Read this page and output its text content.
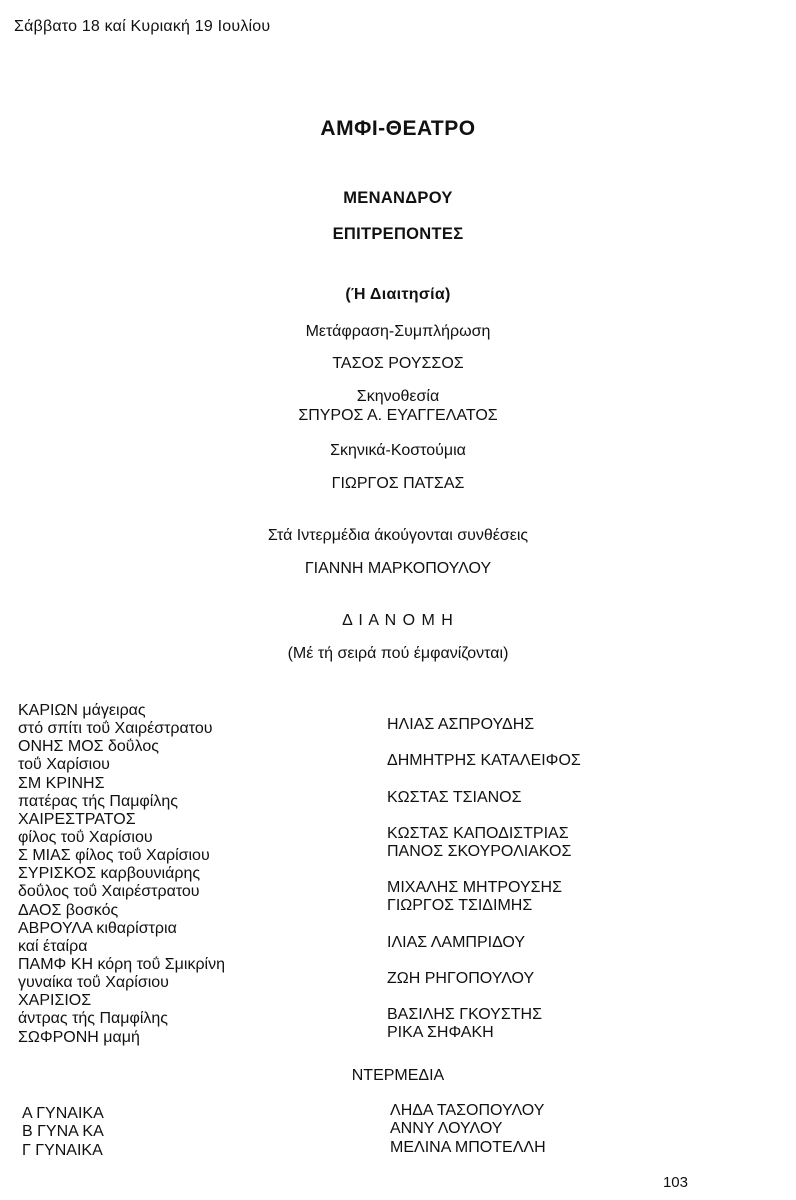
Σάββατο 18 καί Κυριακή 19 Ιουλίου
ΑΜΦΙ-ΘΕΑΤΡΟ
ΜΕΝΑΝΔΡΟΥ
ΕΠΙΤΡΕΠΟΝΤΕΣ
(Ή Διαιτησία)
Μετάφραση-Συμπλήρωση
ΤΑΣΟΣ ΡΟΥΣΣΟΣ
Σκηνοθεσία
ΣΠΥΡΟΣ Α. ΕΥΑΓΓΕΛΑΤΟΣ
Σκηνικά-Κοστούμια
ΓΙΩΡΓΟΣ ΠΑΤΣΑΣ
Στά Ιντερμέδια άκούγονται συνθέσεις
ΓΙΑΝΝΗ ΜΑΡΚΟΠΟΥΛΟΥ
Δ Ι Α Ν Ο Μ Η
(Μέ τή σειρά πού έμφανίζονται)
ΚΑΡΙΩΝ μάγειρας
στό σπίτι τοΰ Χαιρέστρατου
ΟΝΗΣ ΜΟΣ δοΰλος
τοΰ Χαρίσιου
ΣΜ ΚΡΙΝΗΣ
πατέρας τής Παμφίλης
ΧΑΙΡΕΣΤΡΑΤΟΣ
φίλος τοΰ Χαρίσιου
Σ ΜΙΑΣ φίλος τοΰ Χαρίσιου
ΣΥΡΙΣΚΟΣ καρβουνιάρης
δοΰλος τοΰ Χαιρέστρατου
ΔΑΟΣ βοσκός
ΑΒΡΟΥΛΑ κιθαρίστρια
καί έταίρα
ΠΑΜΦ ΚΗ κόρη τοΰ Σμικρίνη
γυναίκα τοΰ Χαρίσιου
ΧΑΡΙΣΙΟΣ
άντρας τής Παμφίλης
ΣΩΦΡΟΝΗ μαμή
ΗΛΙΑΣ ΑΣΠΡΟΥΔΗΣ
ΔΗΜΗΤΡΗΣ ΚΑΤΑΛΕΙΦΟΣ
ΚΩΣΤΑΣ ΤΣΙΑΝΟΣ
ΚΩΣΤΑΣ ΚΑΠΟΔΙΣΤΡΙΑΣ
ΠΑΝΟΣ ΣΚΟΥΡΟΛΙΑΚΟΣ
ΜΙΧΑΛΗΣ ΜΗΤΡΟΥΣΗΣ
ΓΙΩΡΓΟΣ ΤΣΙΔΙΜΗΣ
ΙΛΙΑΣ ΛΑΜΠΡΙΔΟΥ
ΖΩΗ ΡΗΓΟΠΟΥΛΟΥ
ΒΑΣΙΛΗΣ ΓΚΟΥΣΤΗΣ
ΡΙΚΑ ΣΗΦΑΚΗ
ΝΤΕΡΜΕΔΙΑ
Α ΓΥΝΑΙΚΑ
Β ΓΥΝΑ ΚΑ
Γ ΓΥΝΑΙΚΑ
ΛΗΔΑ ΤΑΣΟΠΟΥΛΟΥ
ΑΝΝΥ ΛΟΥΛΟΥ
ΜΕΛΙΝΑ ΜΠΟΤΕΛΛΗ
103
